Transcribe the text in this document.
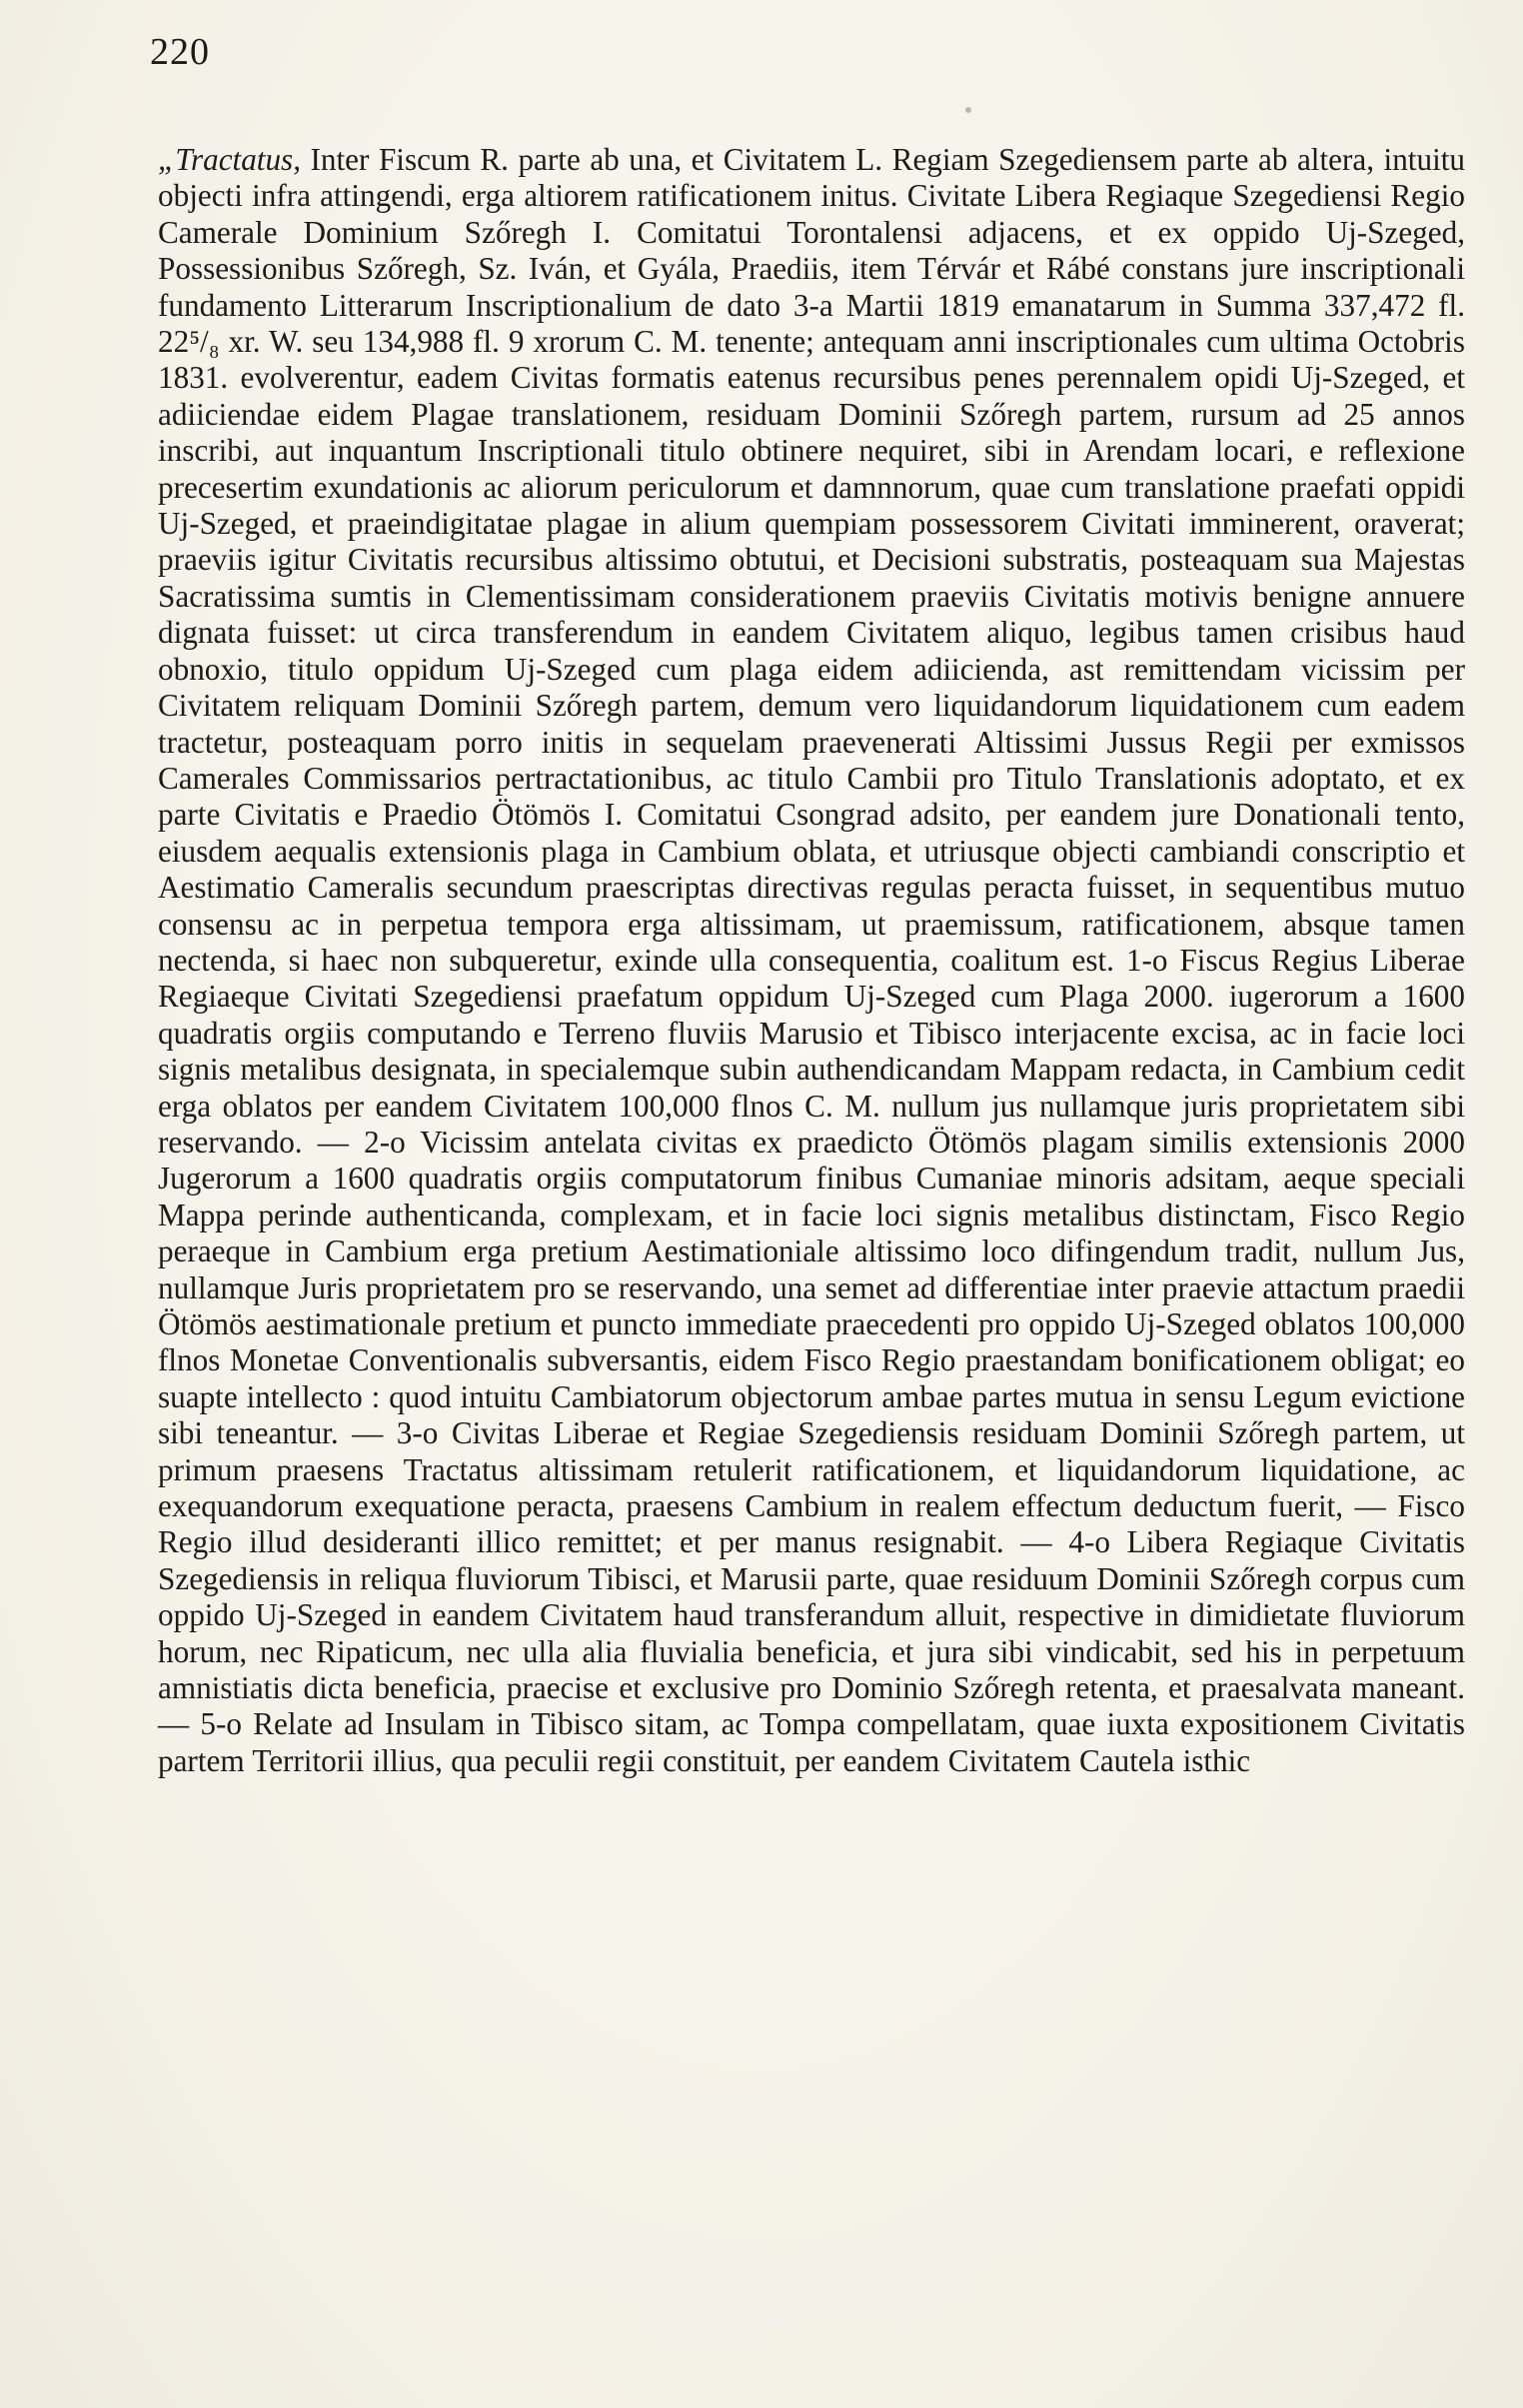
220
„Tractatus, Inter Fiscum R. parte ab una, et Civitatem L. Regiam Szegediensem parte ab altera, intuitu objecti infra attingendi, erga altiorem ratificationem initus. Civitate Libera Regiaque Szegediensi Regio Camerale Dominium Szőregh I. Comitatui Torontalensi adjacens, et ex oppido Uj-Szeged, Possessionibus Szőregh, Sz. Iván, et Gyála, Praediis, item Térvár et Rábé constans jure inscriptionali fundamento Litterarum Inscriptionalium de dato 3-a Martii 1819 emanatarum in Summa 337,472 fl. 22⁵/₈ xr. W. seu 134,988 fl. 9 xrorum C. M. tenente; antequam anni inscriptionales cum ultima Octobris 1831. evolverentur, eadem Civitas formatis eatenus recursibus penes perennalem opidi Uj-Szeged, et adiiciendae eidem Plagae translationem, residuam Dominii Szőregh partem, rursum ad 25 annos inscribi, aut inquantum Inscriptionali titulo obtinere nequiret, sibi in Arendam locari, e reflexione precesertim exundationis ac aliorum periculorum et damnnorum, quae cum translatione praefati oppidi Uj-Szeged, et praeindigitatae plagae in alium quempiam possessorem Civitati imminerent, oraverat; praeviis igitur Civitatis recursibus altissimo obtutui, et Decisioni substratis, posteaquam sua Majestas Sacratissima sumtis in Clementissimam considerationem praeviis Civitatis motivis benigne annuere dignata fuisset: ut circa transferendum in eandem Civitatem aliquo, legibus tamen crisibus haud obnoxio, titulo oppidum Uj-Szeged cum plaga eidem adiicienda, ast remittendam vicissim per Civitatem reliquam Dominii Szőregh partem, demum vero liquidandorum liquidationem cum eadem tractetur, posteaquam porro initis in sequelam praevenerati Altissimi Jussus Regii per exmissos Camerales Commissarios pertractationibus, ac titulo Cambii pro Titulo Translationis adoptato, et ex parte Civitatis e Praedio Ötömös I. Comitatui Csongrad adsito, per eandem jure Donationali tento, eiusdem aequalis extensionis plaga in Cambium oblata, et utriusque objecti cambiandi conscriptio et Aestimatio Cameralis secundum praescriptas directivas regulas peracta fuisset, in sequentibus mutuo consensu ac in perpetua tempora erga altissimam, ut praemissum, ratificationem, absque tamen nectenda, si haec non subqueretur, exinde ulla consequentia, coalitum est. 1-o Fiscus Regius Liberae Regiaeque Civitati Szegediensi praefatum oppidum Uj-Szeged cum Plaga 2000. iugerorum a 1600 quadratis orgiis computando e Terreno fluviis Marusio et Tibisco interjacente excisa, ac in facie loci signis metalibus designata, in specialemque subin authendicandam Mappam redacta, in Cambium cedit erga oblatos per eandem Civitatem 100,000 flnos C. M. nullum jus nullamque juris proprietatem sibi reservando. — 2-o Vicissim antelata civitas ex praedicto Ötömös plagam similis extensionis 2000 Jugerorum a 1600 quadratis orgiis computatorum finibus Cumaniae minoris adsitam, aeque speciali Mappa perinde authenticanda, complexam, et in facie loci signis metalibus distinctam, Fisco Regio peraeque in Cambium erga pretium Aestimationiale altissimo loco difingendum tradit, nullum Jus, nullamque Juris proprietatem pro se reservando, una semet ad differentiae inter praevie attactum praedii Ötömös aestimationale pretium et puncto immediate praecedenti pro oppido Uj-Szeged oblatos 100,000 flnos Monetae Conventionalis subversantis, eidem Fisco Regio praestandam bonificationem obligat; eo suapte intellecto : quod intuitu Cambiatorum objectorum ambae partes mutua in sensu Legum evictione sibi teneantur. — 3-o Civitas Liberae et Regiae Szegediensis residuam Dominii Szőregh partem, ut primum praesens Tractatus altissimam retulerit ratificationem, et liquidandorum liquidatione, ac exequandorum exequatione peracta, praesens Cambium in realem effectum deductum fuerit, — Fisco Regio illud desideranti illico remittet; et per manus resignabit. — 4-o Libera Regiaque Civitatis Szegediensis in reliqua fluviorum Tibisci, et Marusii parte, quae residuum Dominii Szőregh corpus cum oppido Uj-Szeged in eandem Civitatem haud transferandum alluit, respective in dimidietate fluviorum horum, nec Ripaticum, nec ulla alia fluvialia beneficia, et jura sibi vindicabit, sed his in perpetuum amnistiatis dicta beneficia, praecise et exclusive pro Dominio Szőregh retenta, et praesalvata maneant. — 5-o Relate ad Insulam in Tibisco sitam, ac Tompa compellatam, quae iuxta expositionem Civitatis partem Territorii illius, qua peculii regii constituit, per eandem Civitatem Cautela isthic
